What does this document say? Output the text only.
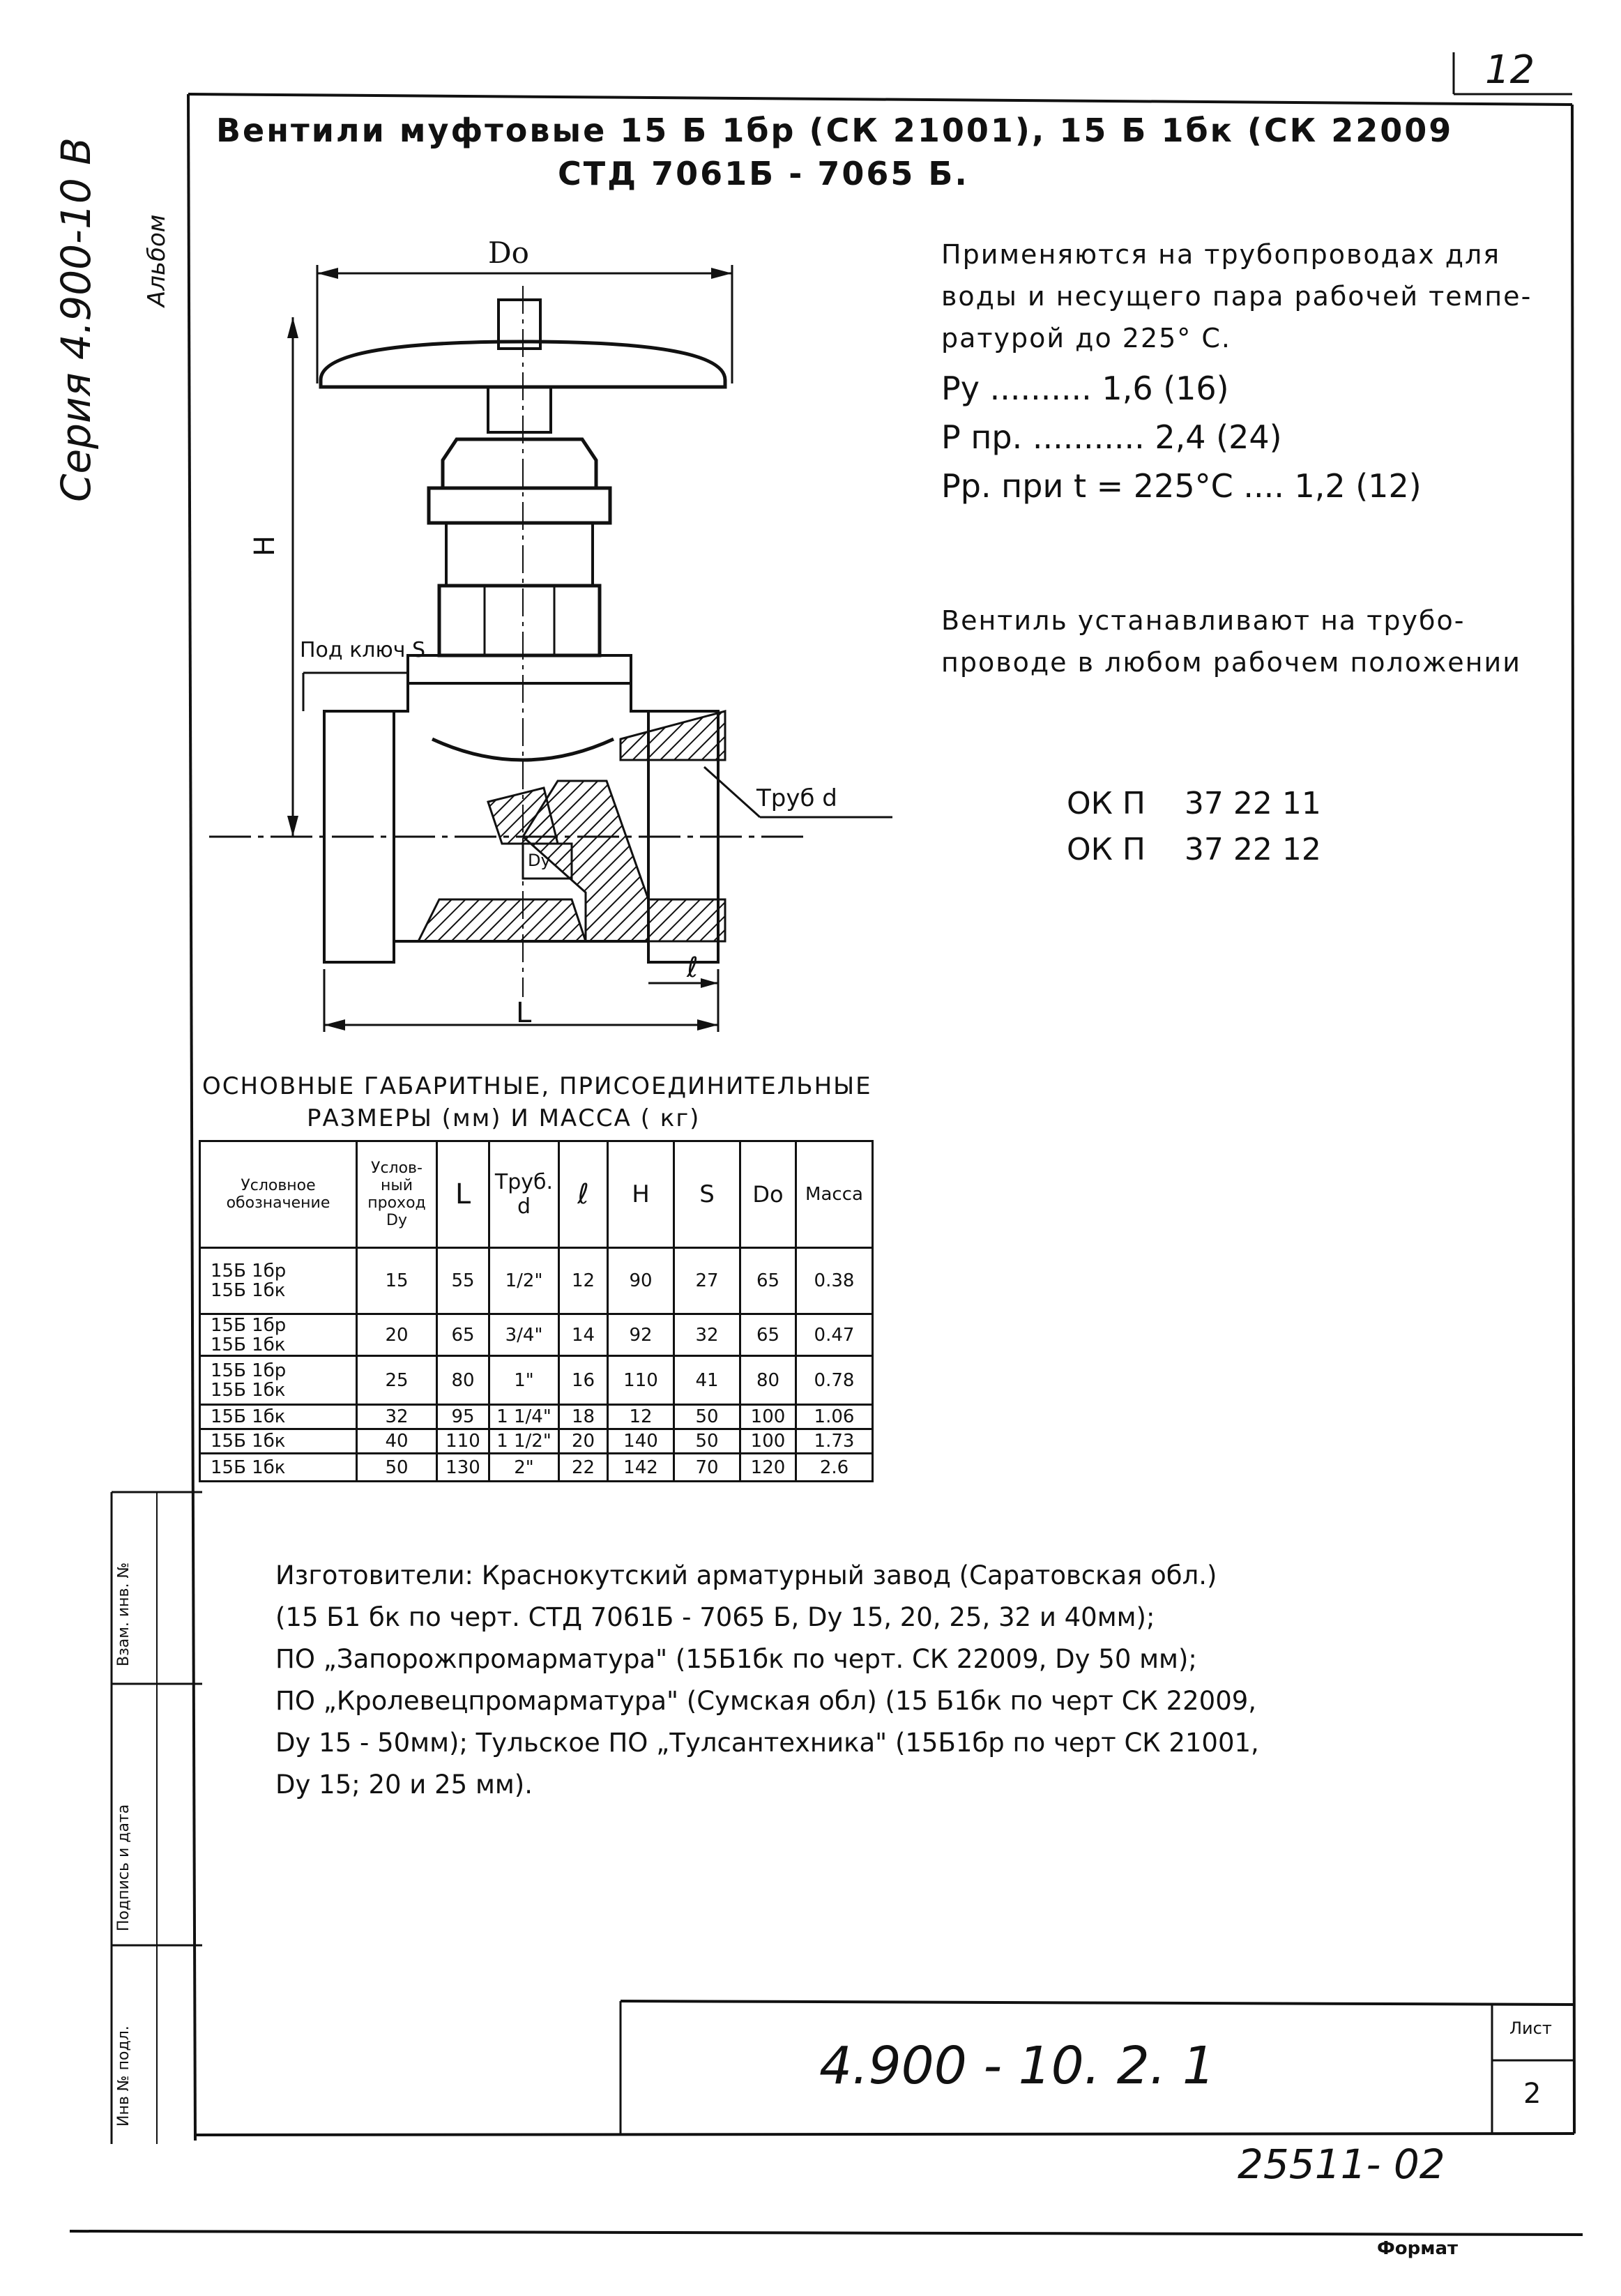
12
Серия 4.900-10 В Альбом
Вентили муфтовые 15 Б 1бр (СК 21001), 15 Б 1бк (СК 22009
СТД 7061Б - 7065 Б.
Применяются на трубопроводах для
воды и несущего пара рабочей темпе-
ратурой до 225° С.
Ру .......... 1,6 (16)
Р пр. ........... 2,4 (24)
Рр. при t = 225°C .... 1,2 (12)
Вентиль устанавливают на трубо-
проводе в любом рабочем положении
ОК П    37 22 11
ОК П    37 22 12
Dо
Н
Под ключ S
Труб d
Dу
L
ℓ
ОСНОВНЫЕ ГАБАРИТНЫЕ, ПРИСОЕДИНИТЕЛЬНЫЕ
РАЗМЕРЫ (мм) И МАССА ( кг)
Условное обозначение	Услов-ный проход Dу	L	Труб. d	ℓ	Н	S	Dо	Масса
15Б 1бр
15Б 1бк	15	55	1/2"	12	90	27	65	0.38
15Б 1бр
15Б 1бк	20	65	3/4"	14	92	32	65	0.47
15Б 1бр
15Б 1бк	25	80	1"	16	110	41	80	0.78
15Б 1бк	32	95	1 1/4"	18	12	50	100	1.06
15Б 1бк	40	110	1 1/2"	20	140	50	100	1.73
15Б 1бк	50	130	2"	22	142	70	120	2.6
Изготовители: Краснокутский арматурный завод (Саратовская обл.)
(15 Б1 бк по черт. СТД 7061Б - 7065 Б, Dу 15, 20, 25, 32 и 40мм);
ПО „Запорожпромарматура" (15Б1бк по черт. СК 22009, Dу 50 мм);
ПО „Кролевецпромарматура" (Сумская обл) (15 Б1бк по черт СК 22009,
Dу 15 - 50мм); Тульское ПО „Тулсантехника" (15Б1бр по черт СК 21001,
Dу 15; 20 и 25 мм).
Взам. инв. №
Подпись и дата
Инв № подл.	4.900 - 10. 2. 1
Лист
2
25511- 02
Формат
